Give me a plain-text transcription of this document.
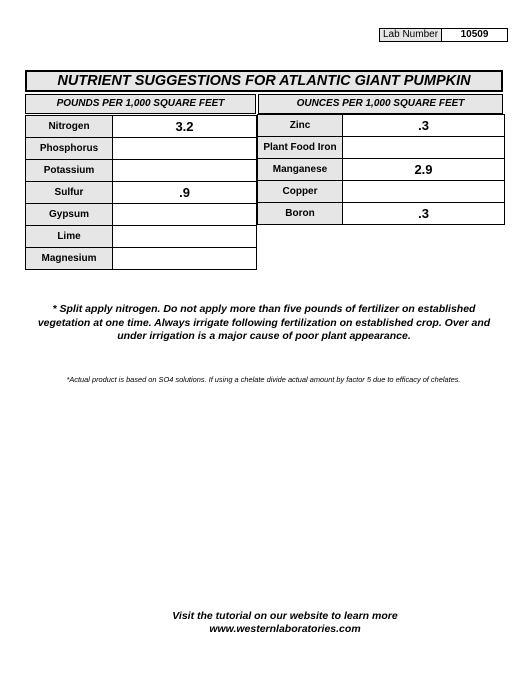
Lab Number	10509
NUTRIENT SUGGESTIONS FOR ATLANTIC GIANT PUMPKIN
POUNDS PER 1,000 SQUARE FEET	OUNCES PER 1,000 SQUARE FEET
Nitrogen	3.2
Phosphorus	
Potassium	
Sulfur	.9
Gypsum	
Lime	
Magnesium	
Zinc	.3
Plant Food Iron	
Manganese	2.9
Copper	
Boron	.3
* Split apply nitrogen. Do not apply more than five pounds of fertilizer on established vegetation at one time. Always irrigate following fertilization on established crop. Over and under irrigation is a major cause of poor plant appearance.
*Actual product is based on SO4 solutions. If using a chelate divide actual amount by factor 5 due to efficacy of chelates.
Visit the tutorial on our website to learn more
www.westernlaboratories.com
